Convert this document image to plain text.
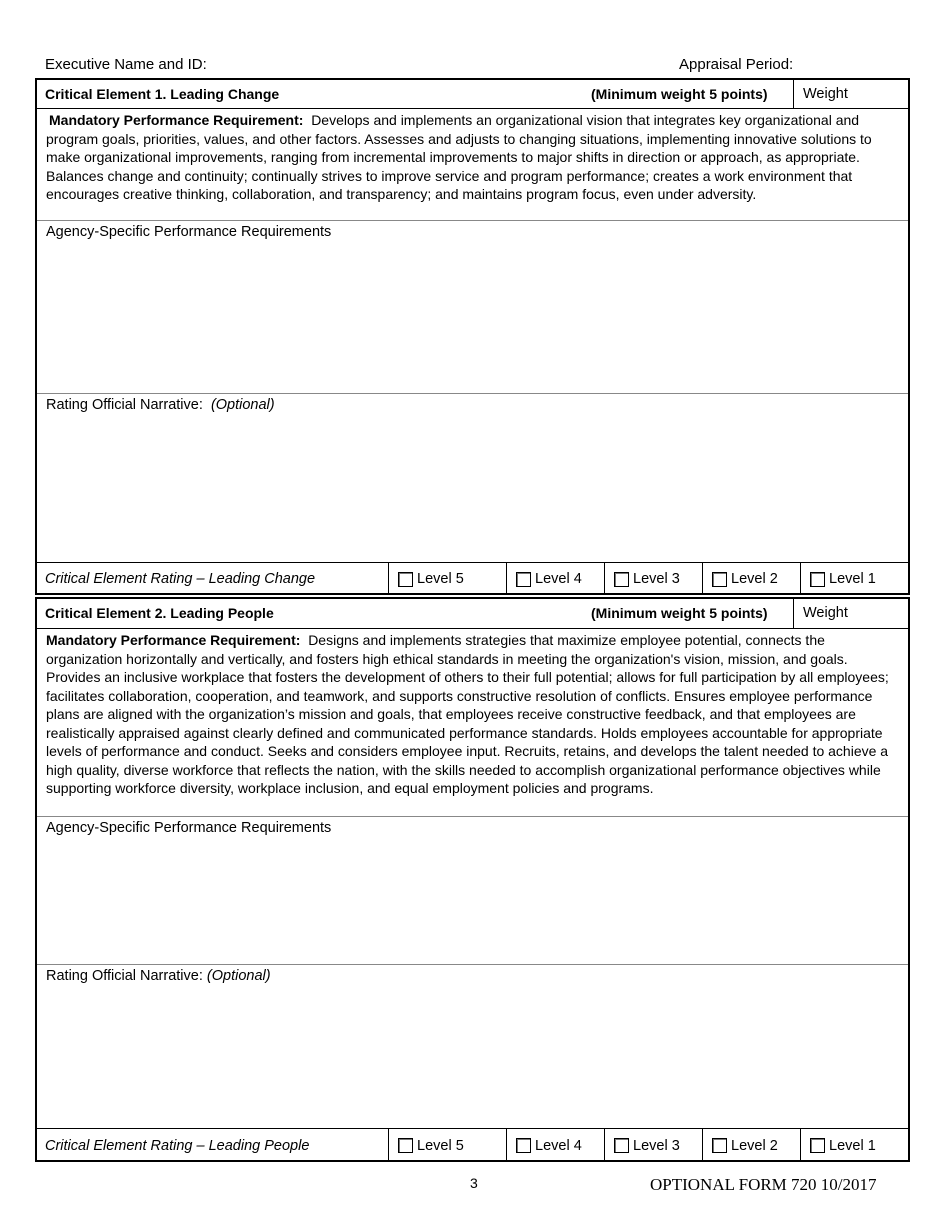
Executive Name and ID:	Appraisal Period:
Critical Element 1. Leading Change	(Minimum weight 5 points)	Weight
Mandatory Performance Requirement: Develops and implements an organizational vision that integrates key organizational and program goals, priorities, values, and other factors. Assesses and adjusts to changing situations, implementing innovative solutions to make organizational improvements, ranging from incremental improvements to major shifts in direction or approach, as appropriate. Balances change and continuity; continually strives to improve service and program performance; creates a work environment that encourages creative thinking, collaboration, and transparency; and maintains program focus, even under adversity.
Agency-Specific Performance Requirements
Rating Official Narrative: (Optional)
Critical Element Rating – Leading Change	Level 5	Level 4	Level 3	Level 2	Level 1
Critical Element 2. Leading People	(Minimum weight 5 points)	Weight
Mandatory Performance Requirement: Designs and implements strategies that maximize employee potential, connects the organization horizontally and vertically, and fosters high ethical standards in meeting the organization's vision, mission, and goals. Provides an inclusive workplace that fosters the development of others to their full potential; allows for full participation by all employees; facilitates collaboration, cooperation, and teamwork, and supports constructive resolution of conflicts. Ensures employee performance plans are aligned with the organization’s mission and goals, that employees receive constructive feedback, and that employees are realistically appraised against clearly defined and communicated performance standards. Holds employees accountable for appropriate levels of performance and conduct. Seeks and considers employee input. Recruits, retains, and develops the talent needed to achieve a high quality, diverse workforce that reflects the nation, with the skills needed to accomplish organizational performance objectives while supporting workforce diversity, workplace inclusion, and equal employment policies and programs.
Agency-Specific Performance Requirements
Rating Official Narrative: (Optional)
Critical Element Rating – Leading People	Level 5	Level 4	Level 3	Level 2	Level 1
3	OPTIONAL FORM 720 10/2017
